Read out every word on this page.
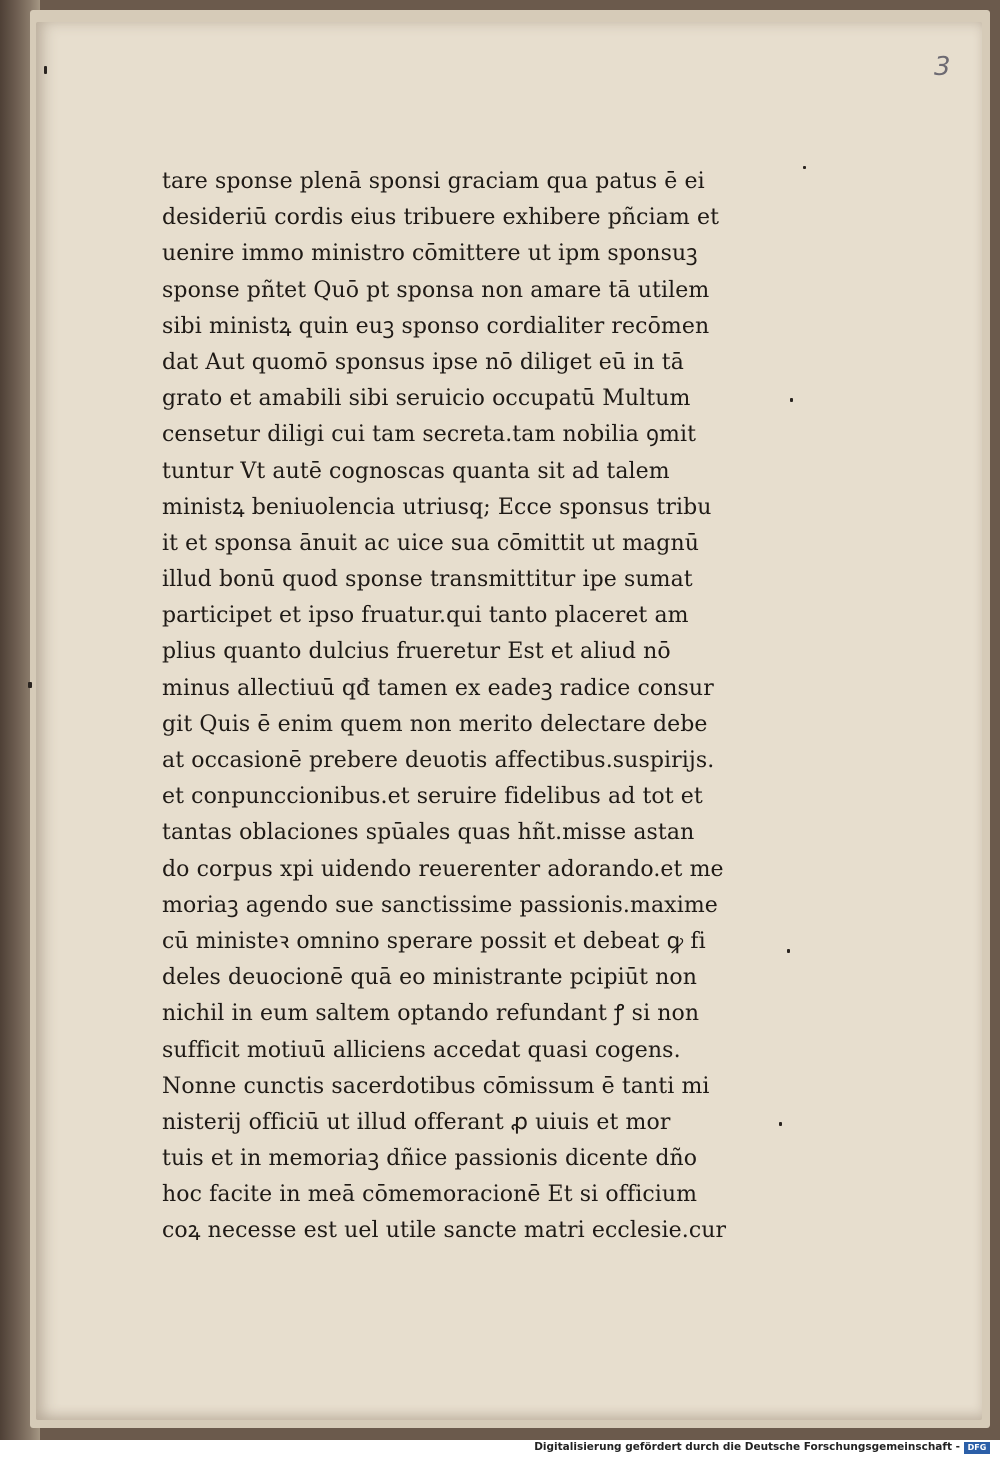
3
tare sponse plenā sponsi graciam qua patus ē ei
desideriū cordis eius tribuere exhibere pñciam et
uenire immo ministro cōmittere ut ipm sponsuꝫ
sponse pñtet Quō pt sponsa non amare tā utilem
sibi ministꝝ quin euꝫ sponso cordialiter recōmen
dat Aut quomō sponsus ipse nō diliget eū in tā
grato et amabili sibi seruicio occupatū Multum
censetur diligi cui tam secreta.tam nobilia ꝯmit
tuntur Vt autē cognoscas quanta sit ad talem
ministꝝ beniuolencia utriusq; Ecce sponsus tribu
it et sponsa ānuit ac uice sua cōmittit ut magnū
illud bonū quod sponse transmittitur ipe sumat
participet et ipso fruatur.qui tanto placeret am
plius quanto dulcius frueretur Est et aliud nō
minus allectiuū qđ tamen ex eadeꝫ radice consur
git Quis ē enim quem non merito delectare debe
at occasionē prebere deuotis affectibus.suspirijs.
et conpunccionibus.et seruire fidelibus ad tot et
tantas oblaciones spūales quas hñt.misse astan
do corpus xpi uidendo reuerenter adorando.et me
moriaꝫ agendo sue sanctissime passionis.maxime
cū ministeꝛ omnino sperare possit et debeat ꝙ fi
deles deuocionē quā eo ministrante pcipiūt non
nichil in eum saltem optando refundant ꝭ si non
sufficit motiuū alliciens accedat quasi cogens.
Nonne cunctis sacerdotibus cōmissum ē tanti mi
nisterij officiū ut illud offerant ꝓ uiuis et mor
tuis et in memoriaꝫ dñice passionis dicente dño
hoc facite in meā cōmemoracionē Et si officium
coꝝ necesse est uel utile sancte matri ecclesie.cur
Digitalisierung gefördert durch die Deutsche Forschungsgemeinschaft - DFG
